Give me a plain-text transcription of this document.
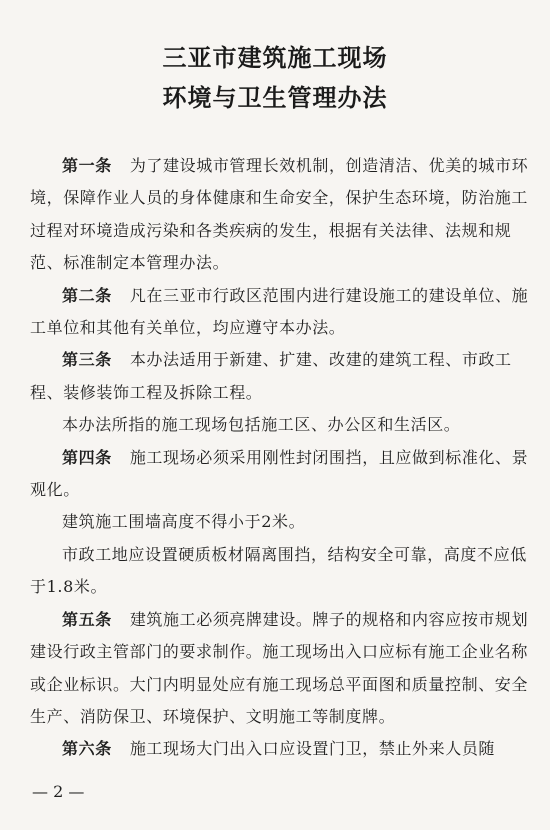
三亚市建筑施工现场
环境与卫生管理办法

第一条 为了建设城市管理长效机制，创造清洁、优美的城市环境，保障作业人员的身体健康和生命安全，保护生态环境，防治施工过程对环境造成污染和各类疾病的发生，根据有关法律、法规和规范、标准制定本管理办法。

第二条 凡在三亚市行政区范围内进行建设施工的建设单位、施工单位和其他有关单位，均应遵守本办法。

第三条 本办法适用于新建、扩建、改建的建筑工程、市政工程、装修装饰工程及拆除工程。

本办法所指的施工现场包括施工区、办公区和生活区。

第四条 施工现场必须采用刚性封闭围挡，且应做到标准化、景观化。

建筑施工围墙高度不得小于2米。

市政工地应设置硬质板材隔离围挡，结构安全可靠，高度不应低于1.8米。

第五条 建筑施工必须亮牌建设。牌子的规格和内容应按市规划建设行政主管部门的要求制作。施工现场出入口应标有施工企业名称或企业标识。大门内明显处应有施工现场总平面图和质量控制、安全生产、消防保卫、环境保护、文明施工等制度牌。

第六条 施工现场大门出入口应设置门卫，禁止外来人员随

— 2 —
